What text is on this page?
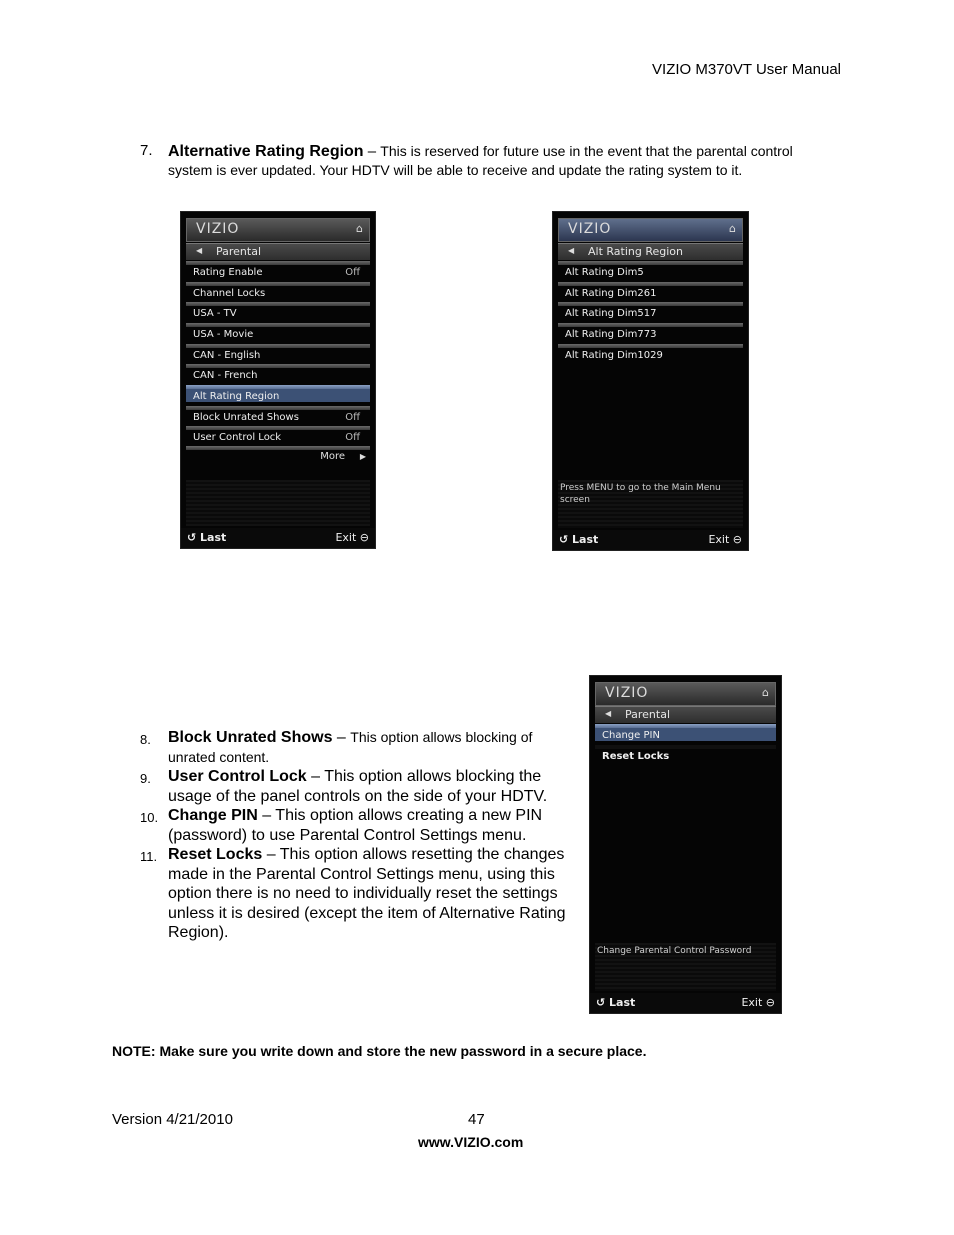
VIZIO M370VT User Manual
7. Alternative Rating Region – This is reserved for future use in the event that the parental control system is ever updated. Your HDTV will be able to receive and update the rating system to it.
VIZIO	⌂
◀ Parental
Rating Enable	Off
Channel Locks
USA - TV
USA - Movie
CAN - English
CAN - French
Alt Rating Region
Block Unrated Shows	Off
User Control Lock	Off
More ▶
↺ Last	Exit ⊖
VIZIO	⌂
◀ Alt Rating Region
Alt Rating Dim5
Alt Rating Dim261
Alt Rating Dim517
Alt Rating Dim773
Alt Rating Dim1029
Press MENU to go to the Main Menu screen
↺ Last	Exit ⊖
VIZIO	⌂
◀ Parental
Change PIN
Reset Locks
Change Parental Control Password
↺ Last	Exit ⊖
8. Block Unrated Shows – This option allows blocking of unrated content.
9. User Control Lock – This option allows blocking the usage of the panel controls on the side of your HDTV.
10. Change PIN – This option allows creating a new PIN (password) to use Parental Control Settings menu.
11. Reset Locks – This option allows resetting the changes made in the Parental Control Settings menu, using this option there is no need to individually reset the settings unless it is desired (except the item of Alternative Rating Region).
NOTE: Make sure you write down and store the new password in a secure place.
Version 4/21/2010	47
www.VIZIO.com
